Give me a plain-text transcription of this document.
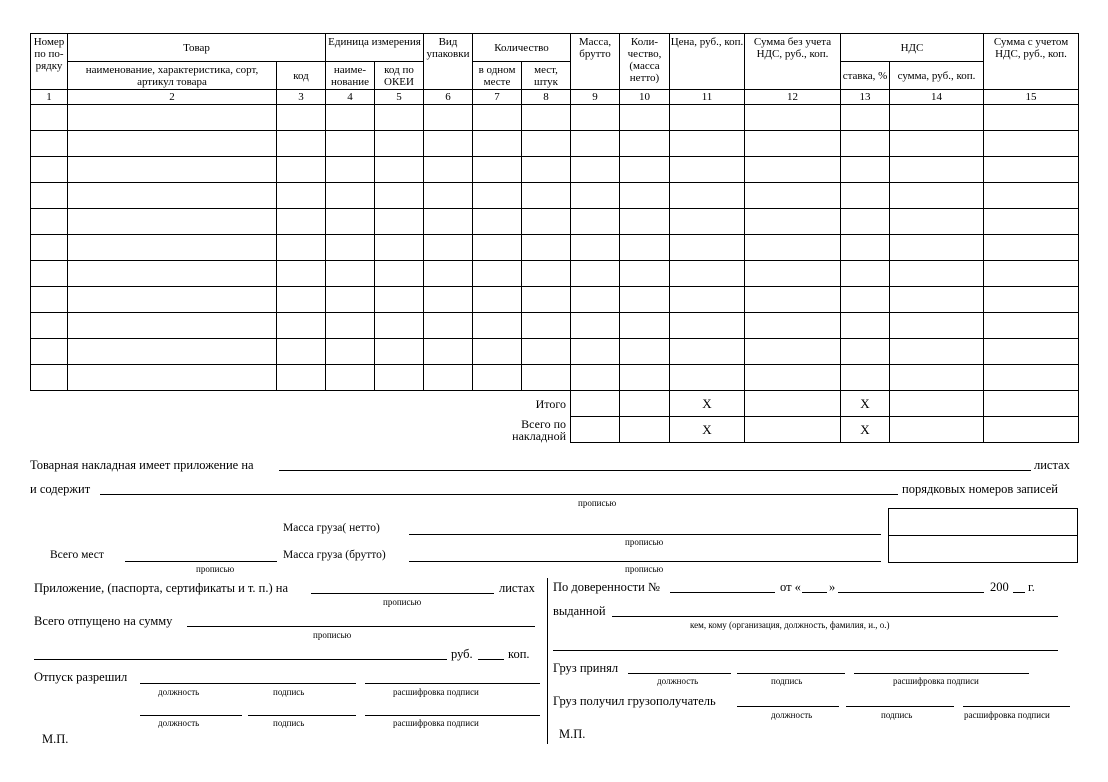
Номер по по-рядку	Товар		Единица измерения		Вид упаковки	Количество		Масса, брутто	Коли-чество, (масса нетто)	Цена, руб., коп.	Сумма без учета НДС, руб., коп.	НДС		Сумма с учетом НДС, руб., коп.
	наименование, характеристика, сорт, артикул товара	код	наиме-нование	код по ОКЕИ		в одном месте	мест, штук					ставка, %	сумма, руб., коп.	
1	2	3	4	5	6	7	8	9	10	11	12	13	14	15

						Итого				Х		Х		
						Всего по накладной				Х		Х		
Товарная накладная имеет приложение на	листах
и содержит	порядковых номеров записей
прописью
Масса груза( нетто)
прописью
Всего мест
прописью
Масса груза (брутто)
прописью
Приложение, (паспорта, сертификаты и т. п.) на	листах
прописью
Всего отпущено на сумму
прописью
руб.	коп.
Отпуск разрешил
должность	подпись	расшифровка подписи
должность	подпись	расшифровка подписи
М.П.
По доверенности №	от « »	200 г.
выданной
кем, кому (организация, должность, фамилия, и., о.)
Груз принял
должность	подпись	расшифровка подписи
Груз получил грузополучатель
должность	подпись	расшифровка подписи
М.П.
